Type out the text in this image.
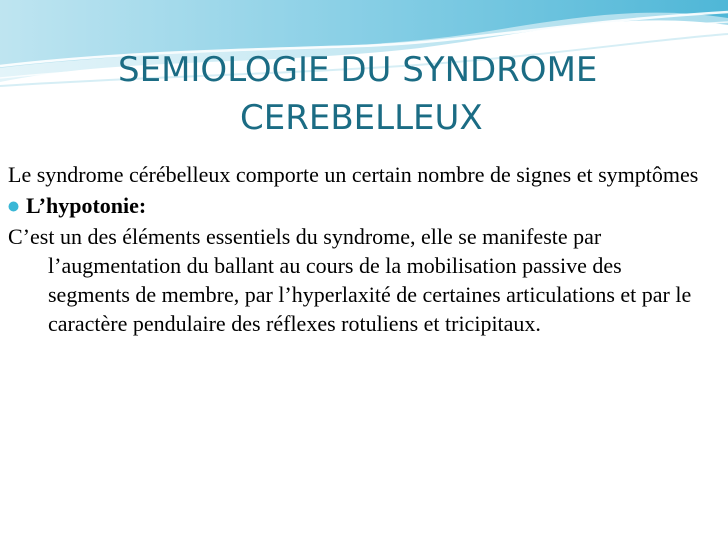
SEMIOLOGIE DU SYNDROME
CEREBELLEUX

Le syndrome cérébelleux comporte un certain nombre de signes et symptômes

L’hypotonie:

C’est un des éléments essentiels du syndrome, elle se manifeste par l’augmentation du ballant au cours de la mobilisation passive des segments de membre, par l’hyperlaxité de certaines articulations et par le caractère pendulaire des réflexes rotuliens et tricipitaux.
